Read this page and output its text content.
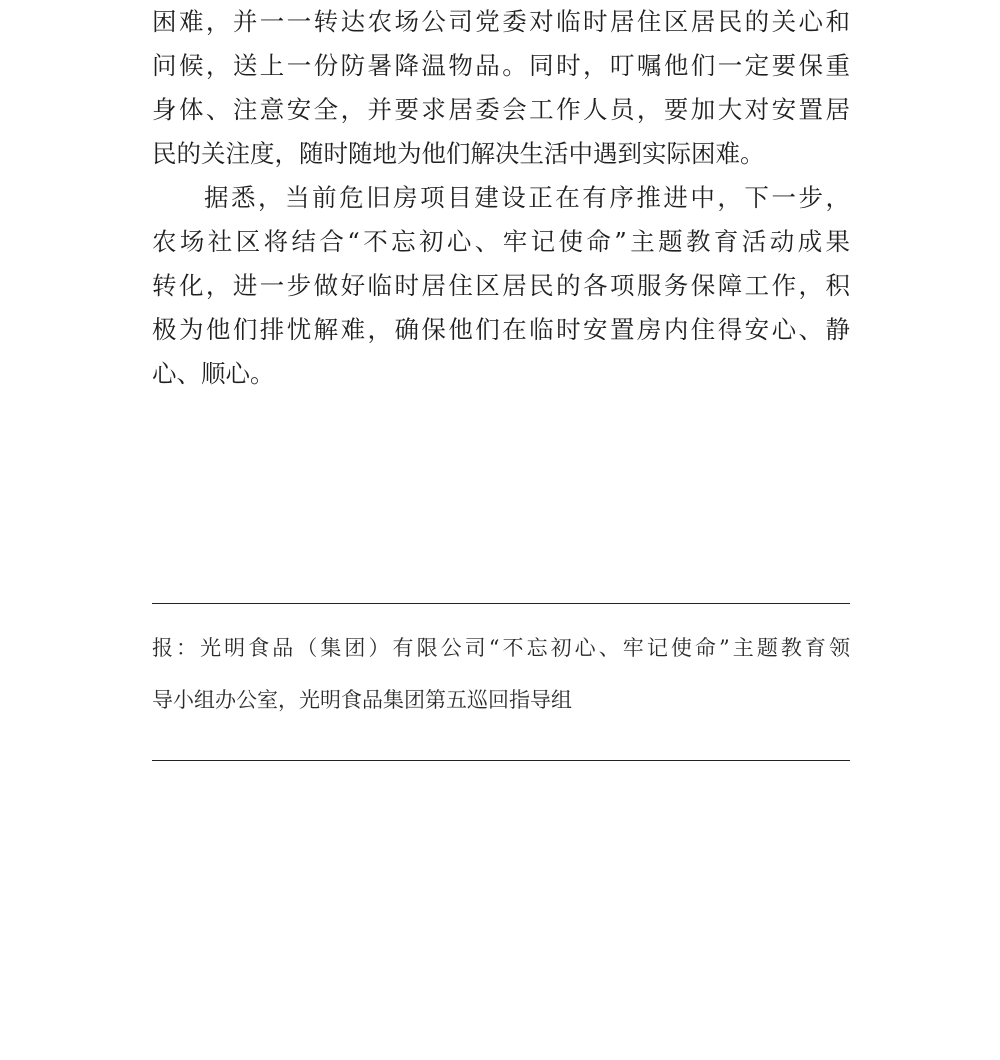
困难，并一一转达农场公司党委对临时居住区居民的关心和
问候，送上一份防暑降温物品。同时，叮嘱他们一定要保重
身体、注意安全，并要求居委会工作人员，要加大对安置居
民的关注度，随时随地为他们解决生活中遇到实际困难。
据悉，当前危旧房项目建设正在有序推进中，下一步，
农场社区将结合“不忘初心、牢记使命”主题教育活动成果
转化，进一步做好临时居住区居民的各项服务保障工作，积
极为他们排忧解难，确保他们在临时安置房内住得安心、静
心、顺心。
报：光明食品（集团）有限公司“不忘初心、牢记使命”主题教育领
导小组办公室，光明食品集团第五巡回指导组
